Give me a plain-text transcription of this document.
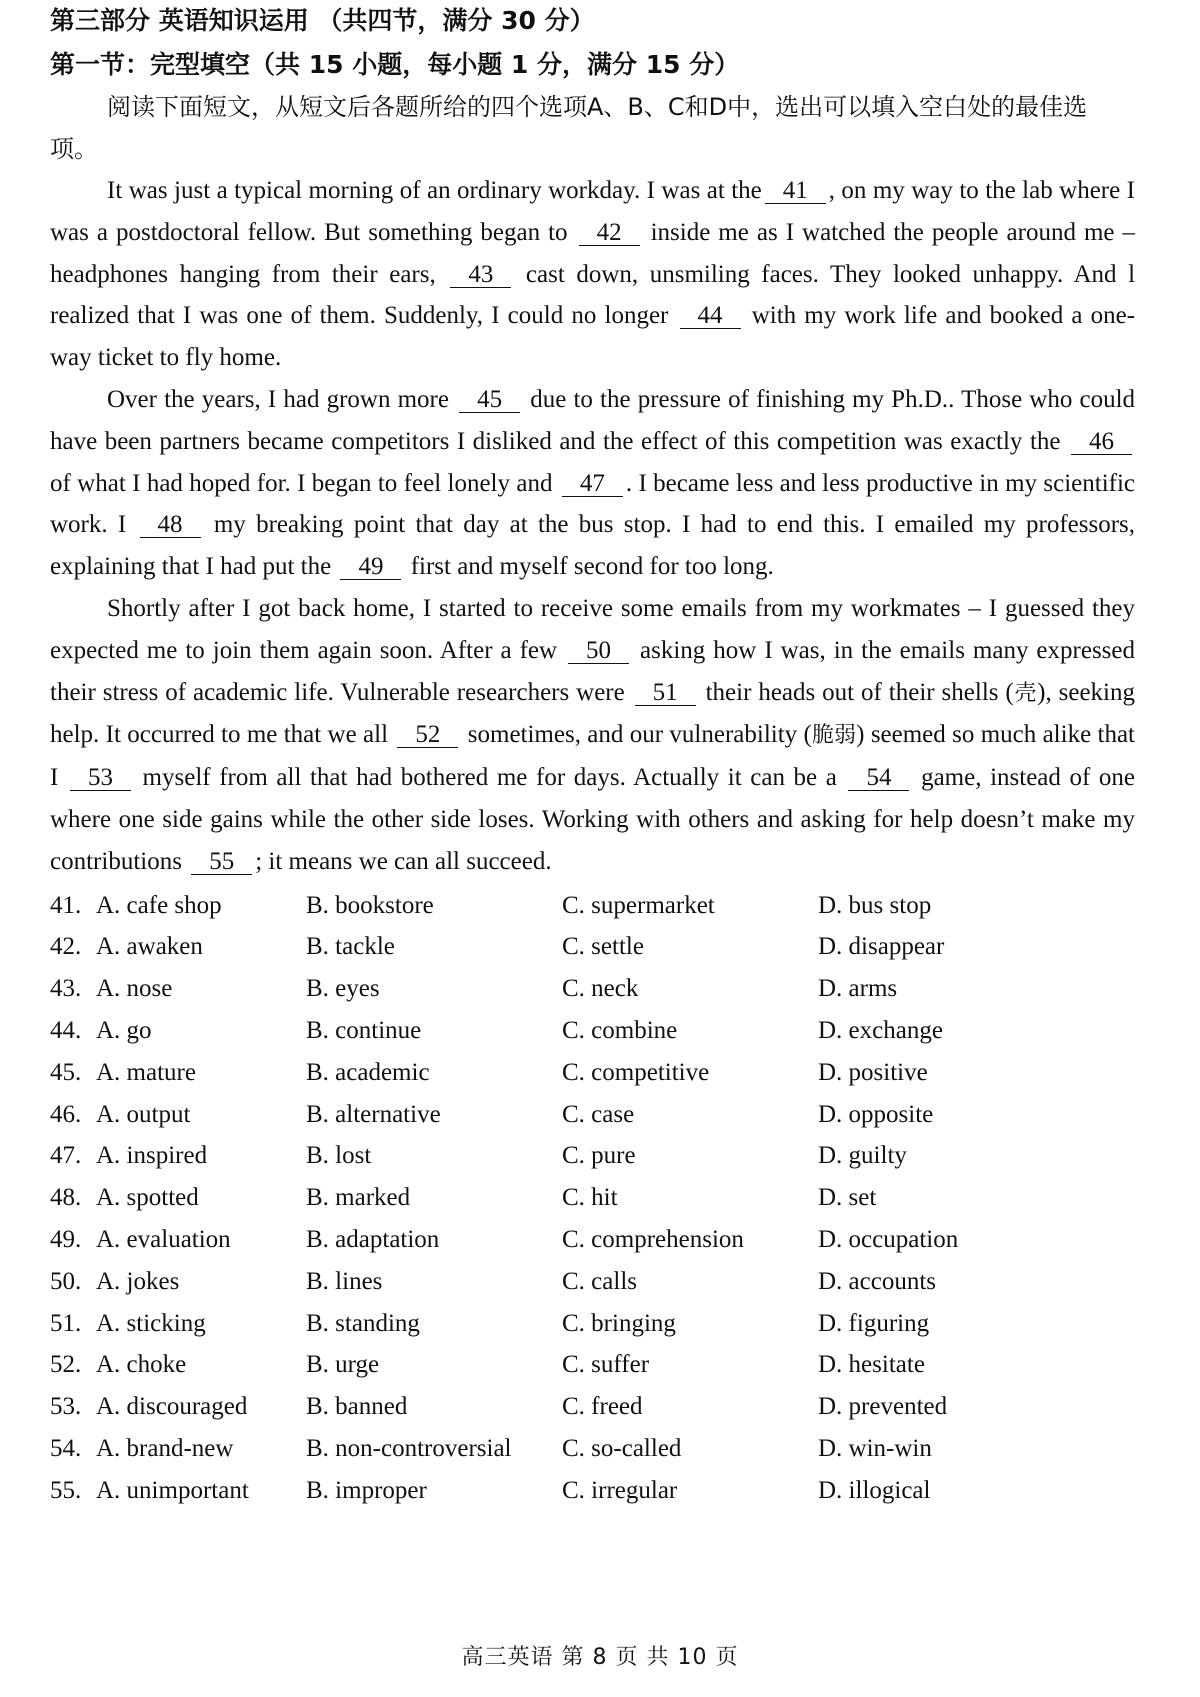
第三部分 英语知识运用 （共四节，满分 30 分）
第一节：完型填空（共 15 小题，每小题 1 分，满分 15 分）

阅读下面短文，从短文后各题所给的四个选项A、B、C和D中，选出可以填入空白处的最佳选项。

It was just a typical morning of an ordinary workday. I was at the 41 , on my way to the lab where I was a postdoctoral fellow. But something began to 42 inside me as I watched the people around me – headphones hanging from their ears, 43 cast down, unsmiling faces. They looked unhappy. And l realized that I was one of them. Suddenly, I could no longer 44 with my work life and booked a one-way ticket to fly home.

Over the years, I had grown more 45 due to the pressure of finishing my Ph.D.. Those who could have been partners became competitors I disliked and the effect of this competition was exactly the 46 of what I had hoped for. I began to feel lonely and 47 . I became less and less productive in my scientific work. I 48 my breaking point that day at the bus stop. I had to end this. I emailed my professors, explaining that I had put the 49 first and myself second for too long.

Shortly after I got back home, I started to receive some emails from my workmates – I guessed they expected me to join them again soon. After a few 50 asking how I was, in the emails many expressed their stress of academic life. Vulnerable researchers were 51 their heads out of their shells (壳), seeking help. It occurred to me that we all 52 sometimes, and our vulnerability (脆弱) seemed so much alike that I 53 myself from all that had bothered me for days. Actually it can be a 54 game, instead of one where one side gains while the other side loses. Working with others and asking for help doesn’t make my contributions 55 ; it means we can all succeed.

41. A. cafe shop	B. bookstore	C. supermarket	D. bus stop
42. A. awaken	B. tackle	C. settle	D. disappear
43. A. nose	B. eyes	C. neck	D. arms
44. A. go	B. continue	C. combine	D. exchange
45. A. mature	B. academic	C. competitive	D. positive
46. A. output	B. alternative	C. case	D. opposite
47. A. inspired	B. lost	C. pure	D. guilty
48. A. spotted	B. marked	C. hit	D. set
49. A. evaluation	B. adaptation	C. comprehension	D. occupation
50. A. jokes	B. lines	C. calls	D. accounts
51. A. sticking	B. standing	C. bringing	D. figuring
52. A. choke	B. urge	C. suffer	D. hesitate
53. A. discouraged	B. banned	C. freed	D. prevented
54. A. brand-new	B. non-controversial	C. so-called	D. win-win
55. A. unimportant	B. improper	C. irregular	D. illogical
高三英语 第 8 页 共 10 页
